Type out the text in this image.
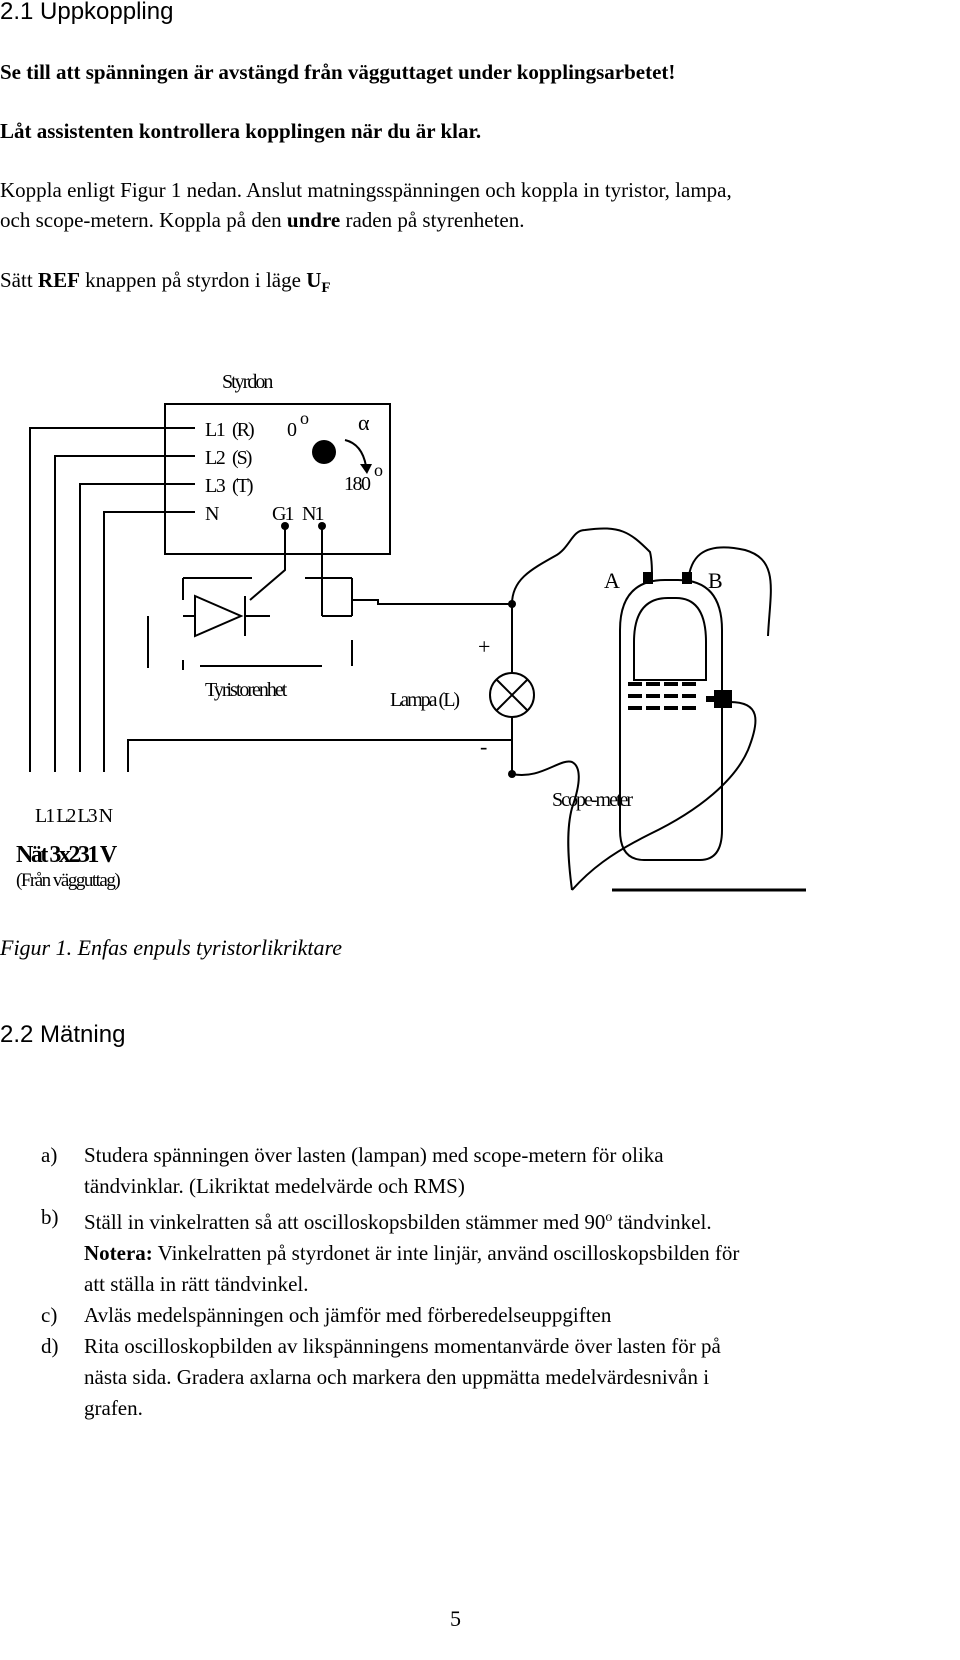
2.1 Uppkoppling
Se till att spänningen är avstängd från vägguttaget under kopplingsarbetet!
Låt assistenten kontrollera kopplingen när du är klar.
Koppla enligt Figur 1 nedan. Anslut matningsspänningen och koppla in tyristor, lampa,
och scope-metern. Koppla på den undre raden på styrenheten.
Sätt REF knappen på styrdon i läge $U_F$
Styrdon
L1
L2
L3
N
(R)
(S)
(T)
0
o α
180
o
G1 N1
Tyristorenhet	Lampa (L)
+
-
A	B
Scope-meter
L1 L2 L3 N
Nät 3x231 V
(Från vägguttag)
Figur 1. Enfas enpuls tyristorlikriktare
2.2 Mätning
a) Studera spänningen över lasten (lampan) med scope-metern för olika
tändvinklar. (Likriktat medelvärde och RMS)
b) Ställ in vinkelratten så att oscilloskopsbilden stämmer med 90$^o$ tändvinkel.
Notera: Vinkelratten på styrdonet är inte linjär, använd oscilloskopsbilden för
att ställa in rätt tändvinkel.
c) Avläs medelspänningen och jämför med förberedelseuppgiften
d) Rita oscilloskopbilden av likspänningens momentanvärde över lasten för på
nästa sida. Gradera axlarna och markera den uppmätta medelvärdesnivån i
grafen.
5
